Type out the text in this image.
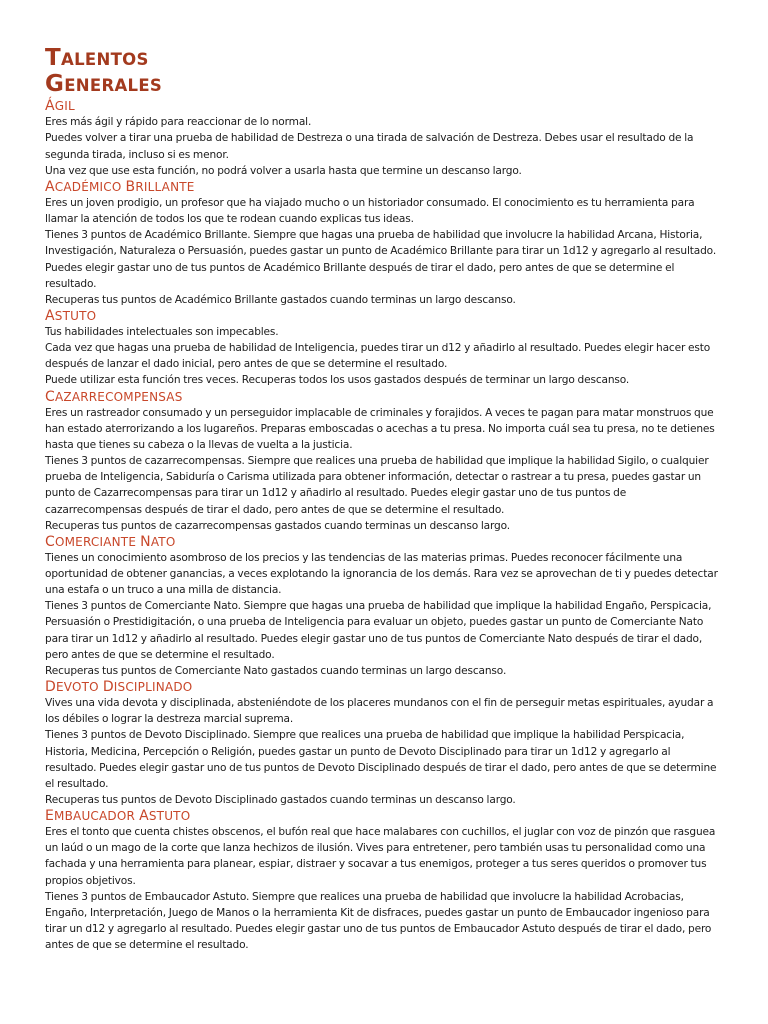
TALENTOS
GENERALES
ÁGIL

Eres más ágil y rápido para reaccionar de lo normal.

Puedes volver a tirar una prueba de habilidad de Destreza o una tirada de salvación de Destreza. Debes usar el resultado de la segunda tirada, incluso si es menor.

Una vez que use esta función, no podrá volver a usarla hasta que termine un descanso largo.

ACADÉMICO BRILLANTE

Eres un joven prodigio, un profesor que ha viajado mucho o un historiador consumado. El conocimiento es tu herramienta para llamar la atención de todos los que te rodean cuando explicas tus ideas.

Tienes 3 puntos de Académico Brillante. Siempre que hagas una prueba de habilidad que involucre la habilidad Arcana, Historia, Investigación, Naturaleza o Persuasión, puedes gastar un punto de Académico Brillante para tirar un 1d12 y agregarlo al resultado. Puedes elegir gastar uno de tus puntos de Académico Brillante después de tirar el dado, pero antes de que se determine el resultado.

Recuperas tus puntos de Académico Brillante gastados cuando terminas un largo descanso.

ASTUTO

Tus habilidades intelectuales son impecables.

Cada vez que hagas una prueba de habilidad de Inteligencia, puedes tirar un d12 y añadirlo al resultado. Puedes elegir hacer esto después de lanzar el dado inicial, pero antes de que se determine el resultado.

Puede utilizar esta función tres veces. Recuperas todos los usos gastados después de terminar un largo descanso.

CAZARRECOMPENSAS

Eres un rastreador consumado y un perseguidor implacable de criminales y forajidos. A veces te pagan para matar monstruos que han estado aterrorizando a los lugareños. Preparas emboscadas o acechas a tu presa. No importa cuál sea tu presa, no te detienes hasta que tienes su cabeza o la llevas de vuelta a la justicia.

Tienes 3 puntos de cazarrecompensas. Siempre que realices una prueba de habilidad que implique la habilidad Sigilo, o cualquier prueba de Inteligencia, Sabiduría o Carisma utilizada para obtener información, detectar o rastrear a tu presa, puedes gastar un punto de Cazarrecompensas para tirar un 1d12 y añadirlo al resultado. Puedes elegir gastar uno de tus puntos de cazarrecompensas después de tirar el dado, pero antes de que se determine el resultado.

Recuperas tus puntos de cazarrecompensas gastados cuando terminas un descanso largo.

COMERCIANTE NATO

Tienes un conocimiento asombroso de los precios y las tendencias de las materias primas. Puedes reconocer fácilmente una oportunidad de obtener ganancias, a veces explotando la ignorancia de los demás. Rara vez se aprovechan de ti y puedes detectar una estafa o un truco a una milla de distancia.

Tienes 3 puntos de Comerciante Nato. Siempre que hagas una prueba de habilidad que implique la habilidad Engaño, Perspicacia, Persuasión o Prestidigitación, o una prueba de Inteligencia para evaluar un objeto, puedes gastar un punto de Comerciante Nato para tirar un 1d12 y añadirlo al resultado. Puedes elegir gastar uno de tus puntos de Comerciante Nato después de tirar el dado, pero antes de que se determine el resultado.

Recuperas tus puntos de Comerciante Nato gastados cuando terminas un largo descanso.

DEVOTO DISCIPLINADO

Vives una vida devota y disciplinada, absteniéndote de los placeres mundanos con el fin de perseguir metas espirituales, ayudar a los débiles o lograr la destreza marcial suprema.

Tienes 3 puntos de Devoto Disciplinado. Siempre que realices una prueba de habilidad que implique la habilidad Perspicacia, Historia, Medicina, Percepción o Religión, puedes gastar un punto de Devoto Disciplinado para tirar un 1d12 y agregarlo al resultado. Puedes elegir gastar uno de tus puntos de Devoto Disciplinado después de tirar el dado, pero antes de que se determine el resultado.

Recuperas tus puntos de Devoto Disciplinado gastados cuando terminas un descanso largo.

EMBAUCADOR ASTUTO

Eres el tonto que cuenta chistes obscenos, el bufón real que hace malabares con cuchillos, el juglar con voz de pinzón que rasguea un laúd o un mago de la corte que lanza hechizos de ilusión. Vives para entretener, pero también usas tu personalidad como una fachada y una herramienta para planear, espiar, distraer y socavar a tus enemigos, proteger a tus seres queridos o promover tus propios objetivos.

Tienes 3 puntos de Embaucador Astuto. Siempre que realices una prueba de habilidad que involucre la habilidad Acrobacias, Engaño, Interpretación, Juego de Manos o la herramienta Kit de disfraces, puedes gastar un punto de Embaucador ingenioso para tirar un d12 y agregarlo al resultado. Puedes elegir gastar uno de tus puntos de Embaucador Astuto después de tirar el dado, pero antes de que se determine el resultado.
